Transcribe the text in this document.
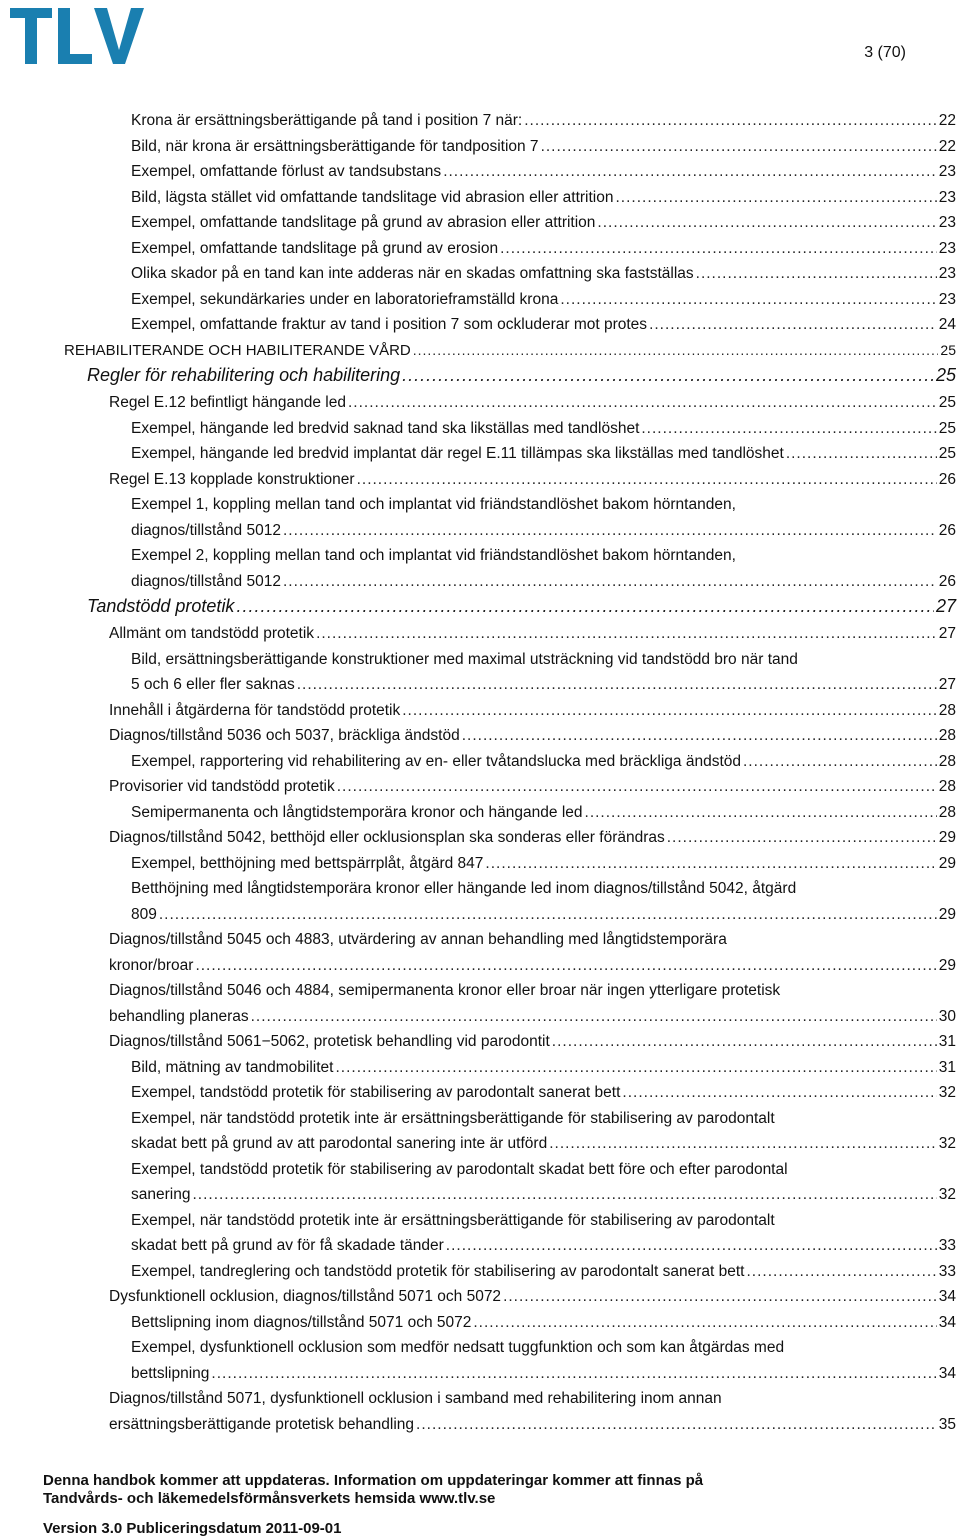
3 (70)
Krona är ersättningsberättigande på tand i position 7 när: .....	22
Bild, när krona är ersättningsberättigande för tandposition 7 .....	22
Exempel, omfattande förlust av tandsubstans .....	23
Bild, lägsta stället vid omfattande tandslitage vid abrasion eller attrition .....	23
Exempel, omfattande tandslitage på grund av abrasion eller attrition .....	23
Exempel, omfattande tandslitage på grund av erosion .....	23
Olika skador på en tand kan inte adderas när en skadas omfattning ska fastställas .....	23
Exempel, sekundärkaries under en laboratorieframställd krona .....	23
Exempel, omfattande fraktur av tand i position 7 som ockluderar mot protes .....	24
REHABILITERANDE OCH HABILITERANDE VÅRD .....	25
Regler för rehabilitering och habilitering .....	25
Regel E.12 befintligt hängande led .....	25
Exempel, hängande led bredvid saknad tand ska likställas med tandlöshet .....	25
Exempel, hängande led bredvid implantat där regel E.11 tillämpas ska likställas med tandlöshet .....	25
Regel E.13 kopplade konstruktioner .....	26
Exempel 1, koppling mellan tand och implantat vid friändstandlöshet bakom hörntanden,
diagnos/tillstånd 5012 .....	26
Exempel 2, koppling mellan tand och implantat vid friändstandlöshet bakom hörntanden,
diagnos/tillstånd 5012 .....	26
Tandstödd protetik .....	27
Allmänt om tandstödd protetik .....	27
Bild, ersättningsberättigande konstruktioner med maximal utsträckning vid tandstödd bro när tand
5 och 6 eller fler saknas .....	27
Innehåll i åtgärderna för tandstödd protetik .....	28
Diagnos/tillstånd 5036 och 5037, bräckliga ändstöd .....	28
Exempel, rapportering vid rehabilitering av en- eller tvåtandslucka med bräckliga ändstöd .....	28
Provisorier vid tandstödd protetik .....	28
Semipermanenta och långtidstemporära kronor och hängande led .....	28
Diagnos/tillstånd 5042, betthöjd eller ocklusionsplan ska sonderas eller förändras .....	29
Exempel, betthöjning med bettspärrplåt, åtgärd 847 .....	29
Betthöjning med långtidstemporära kronor eller hängande led inom diagnos/tillstånd 5042, åtgärd
809 .....	29
Diagnos/tillstånd 5045 och 4883, utvärdering av annan behandling med långtidstemporära
kronor/broar .....	29
Diagnos/tillstånd 5046 och 4884, semipermanenta kronor eller broar när ingen ytterligare protetisk
behandling planeras .....	30
Diagnos/tillstånd 5061−5062, protetisk behandling vid parodontit .....	31
Bild, mätning av tandmobilitet .....	31
Exempel, tandstödd protetik för stabilisering av parodontalt sanerat bett .....	32
Exempel, när tandstödd protetik inte är ersättningsberättigande för stabilisering av parodontalt
skadat bett på grund av att parodontal sanering inte är utförd .....	32
Exempel, tandstödd protetik för stabilisering av parodontalt skadat bett före och efter parodontal
sanering .....	32
Exempel, när tandstödd protetik inte är ersättningsberättigande för stabilisering av parodontalt
skadat bett på grund av för få skadade tänder .....	33
Exempel, tandreglering och tandstödd protetik för stabilisering av parodontalt sanerat bett .....	33
Dysfunktionell ocklusion, diagnos/tillstånd 5071 och 5072 .....	34
Bettslipning inom diagnos/tillstånd 5071 och 5072 .....	34
Exempel, dysfunktionell ocklusion som medför nedsatt tuggfunktion och som kan åtgärdas med
bettslipning .....	34
Diagnos/tillstånd 5071, dysfunktionell ocklusion i samband med rehabilitering inom annan
ersättningsberättigande protetisk behandling .....	35
Denna handbok kommer att uppdateras. Information om uppdateringar kommer att finnas på
Tandvårds- och läkemedelsförmånsverkets hemsida www.tlv.se
Version 3.0 Publiceringsdatum 2011-09-01
